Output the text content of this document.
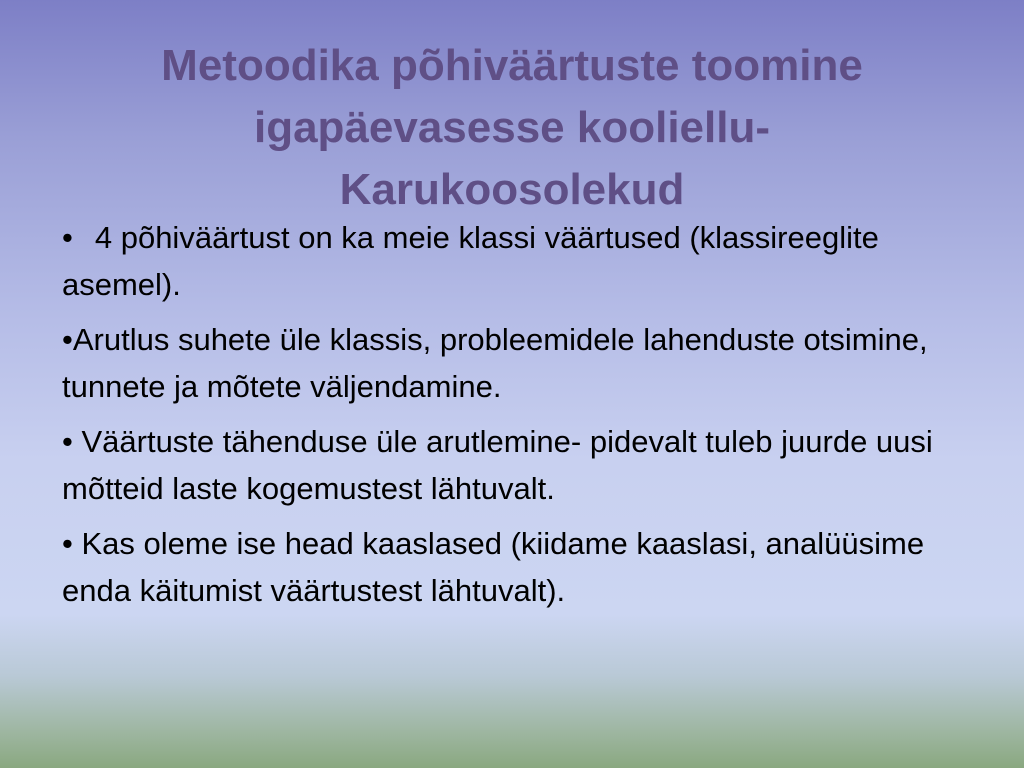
Metoodika põhiväärtuste toomine
igapäevasesse kooliellu-
Karukoosolekud

• 4 põhiväärtust on ka meie klassi väärtused (klassireeglite asemel).

•Arutlus suhete üle klassis, probleemidele lahenduste otsimine, tunnete ja mõtete väljendamine.

• Väärtuste tähenduse üle arutlemine- pidevalt tuleb juurde uusi mõtteid laste kogemustest lähtuvalt.

• Kas oleme ise head kaaslased (kiidame kaaslasi, analüüsime enda käitumist väärtustest lähtuvalt).
